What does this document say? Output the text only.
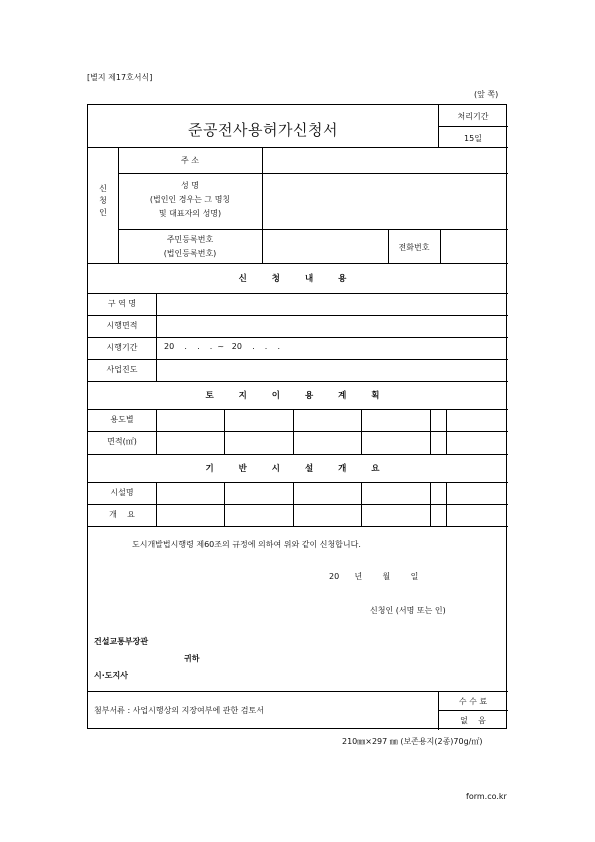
[별지 제17호서식]
(앞 쪽)
준공전사용허가신청서
처리기간
15일
신
청
인
주 소
성 명
(법인인 경우는 그 명칭
및 대표자의 성명)
주민등록번호
(법인등록번호)
전화번호
신 청 내 용
구 역 명
시행면적
시행기간	20    .    .    .  ~   20    .    .    .
사업진도
토 지 이 용 계 획
용도별
면적(㎡)
기 반 시 설 개 요
시설명
개    요
도시개발법시행령 제60조의 규정에 의하여 위와 같이 신청합니다.
20      년        월        일
신청인 (서명 또는 인)
건설교통부장관
귀하
시·도지사
첨부서류 : 사업시행상의 지장여부에 관한 검토서
수 수 료
없    음
210㎜×297 ㎜ (보존용지(2종)70g/㎡)
form.co.kr
